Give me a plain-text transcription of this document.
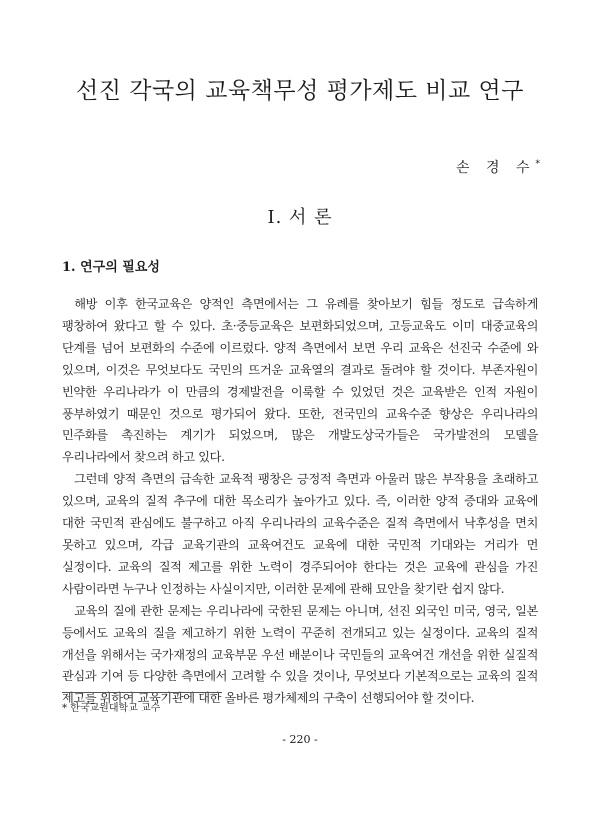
선진 각국의 교육책무성 평가제도 비교 연구
손 경 수*
Ⅰ. 서 론
1. 연구의 필요성

해방 이후 한국교육은 양적인 측면에서는 그 유례를 찾아보기 힘들 정도로 급속하게 팽창하여 왔다고 할 수 있다. 초·중등교육은 보편화되었으며, 고등교육도 이미 대중교육의 단계를 넘어 보편화의 수준에 이르렀다. 양적 측면에서 보면 우리 교육은 선진국 수준에 와 있으며, 이것은 무엇보다도 국민의 뜨거운 교육열의 결과로 돌려야 할 것이다. 부존자원이 빈약한 우리나라가 이 만큼의 경제발전을 이룩할 수 있었던 것은 교육받은 인적 자원이 풍부하였기 때문인 것으로 평가되어 왔다. 또한, 전국민의 교육수준 향상은 우리나라의 민주화를 촉진하는 계기가 되었으며, 많은 개발도상국가들은 국가발전의 모델을 우리나라에서 찾으려 하고 있다.

그런데 양적 측면의 급속한 교육적 팽창은 긍정적 측면과 아울러 많은 부작용을 초래하고 있으며, 교육의 질적 추구에 대한 목소리가 높아가고 있다. 즉, 이러한 양적 증대와 교육에 대한 국민적 관심에도 불구하고 아직 우리나라의 교육수준은 질적 측면에서 낙후성을 면치 못하고 있으며, 각급 교육기관의 교육여건도 교육에 대한 국민적 기대와는 거리가 먼 실정이다. 교육의 질적 제고를 위한 노력이 경주되어야 한다는 것은 교육에 관심을 가진 사람이라면 누구나 인정하는 사실이지만, 이러한 문제에 관해 묘안을 찾기란 쉽지 않다.

교육의 질에 관한 문제는 우리나라에 국한된 문제는 아니며, 선진 외국인 미국, 영국, 일본 등에서도 교육의 질을 제고하기 위한 노력이 꾸준히 전개되고 있는 실정이다. 교육의 질적 개선을 위해서는 국가재정의 교육부문 우선 배분이나 국민들의 교육여건 개선을 위한 실질적 관심과 기여 등 다양한 측면에서 고려할 수 있을 것이나, 무엇보다 기본적으로는 교육의 질적 제고를 위하여 교육기관에 대한 올바른 평가체제의 구축이 선행되어야 할 것이다.

* 한국교원대학교 교수
- 220 -
